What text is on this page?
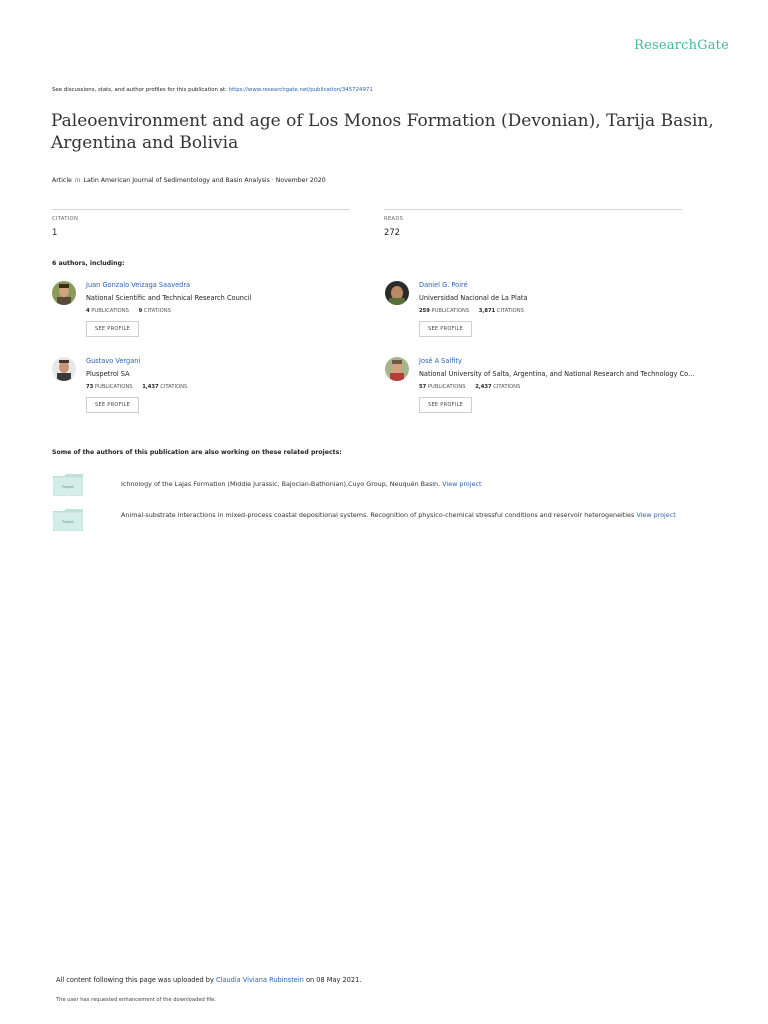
ResearchGate
See discussions, stats, and author profiles for this publication at: https://www.researchgate.net/publication/345724971
Paleoenvironment and age of Los Monos Formation (Devonian), Tarija Basin, Argentina and Bolivia
Article in Latin American Journal of Sedimentology and Basin Analysis · November 2020
CITATION
1
READS
272
6 authors, including:
Juan Gonzalo Veizaga Saavedra
National Scientific and Technical Research Council
4 PUBLICATIONS 9 CITATIONS
SEE PROFILE
Daniel G. Poiré
Universidad Nacional de La Plata
259 PUBLICATIONS 3,871 CITATIONS
SEE PROFILE
Gustavo Vergani
Pluspetrol SA
73 PUBLICATIONS 1,437 CITATIONS
SEE PROFILE
José A Salfity
National University of Salta, Argentina, and National Research and Technology Co...
57 PUBLICATIONS 2,437 CITATIONS
SEE PROFILE
Some of the authors of this publication are also working on these related projects:
Project	Ichnology of the Lajas Formation (Middle Jurassic, Bajocian-Bathonian),Cuyo Group, Neuquén Basin. View project
Project
Animal-substrate interactions in mixed-process coastal depositional systems. Recognition of physico-chemical stressful conditions and reservoir heterogeneities View project
All content following this page was uploaded by Claudia Viviana Rubinstein on 08 May 2021.
The user has requested enhancement of the downloaded file.
